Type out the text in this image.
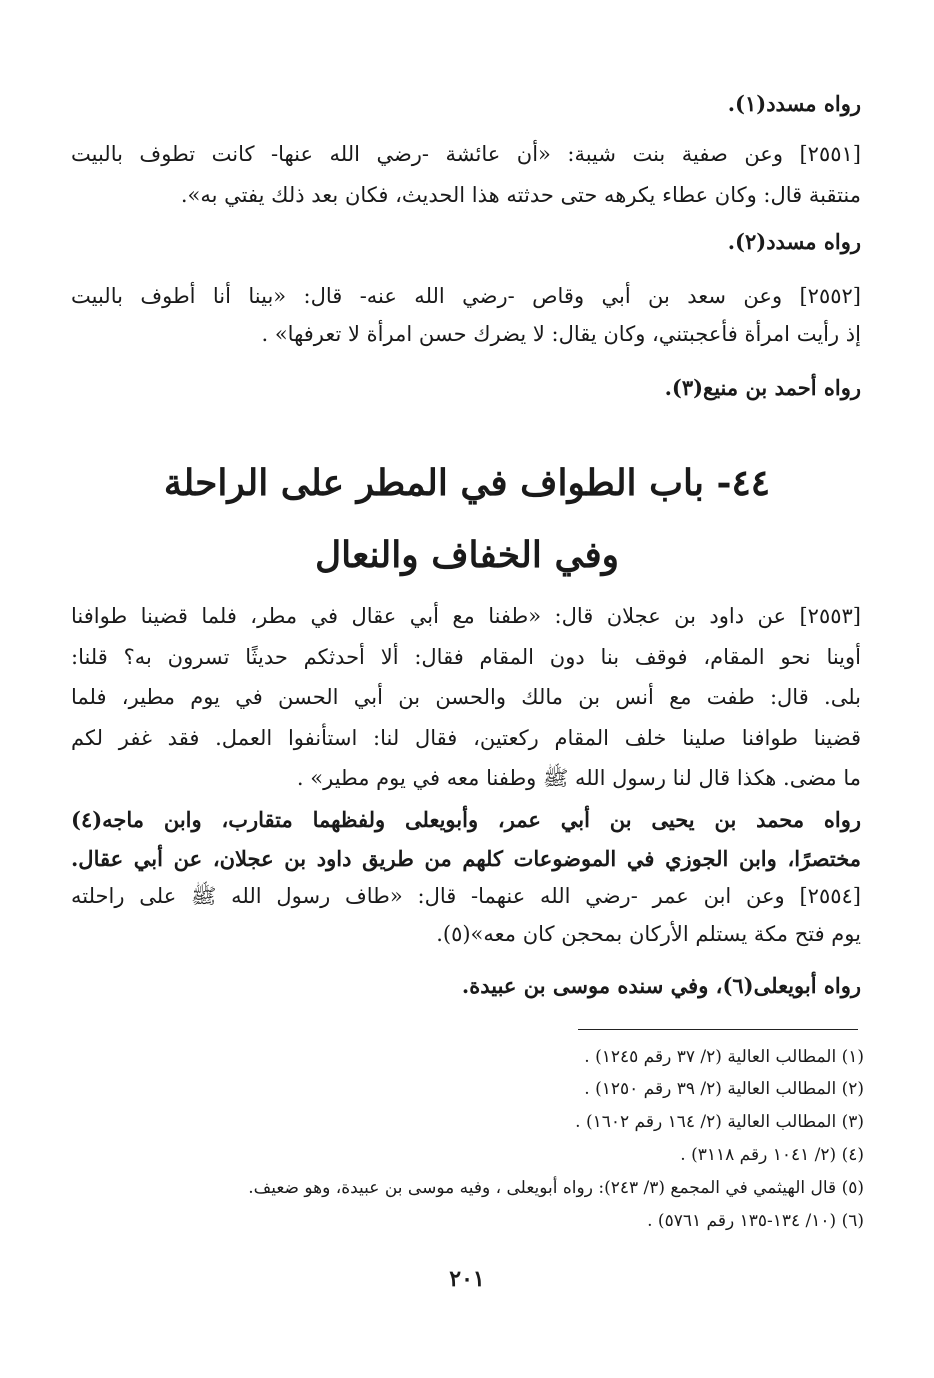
رواه مسدد(١).
[٢٥٥١] وعن صفية بنت شيبة: «أن عائشة -رضي الله عنها- كانت تطوف بالبيت
منتقبة قال: وكان عطاء يكرهه حتى حدثته هذا الحديث، فكان بعد ذلك يفتي به».
رواه مسدد(٢).
[٢٥٥٢] وعن سعد بن أبي وقاص -رضي الله عنه- قال: «بينا أنا أطوف بالبيت
إذ رأيت امرأة فأعجبتني، وكان يقال: لا يضرك حسن امرأة لا تعرفها» .
رواه أحمد بن منيع(٣).
٤٤- باب الطواف في المطر على الراحلة
وفي الخفاف والنعال
[٢٥٥٣] عن داود بن عجلان قال: «طفنا مع أبي عقال في مطر، فلما قضينا طوافنا
أوينا نحو المقام، فوقف بنا دون المقام فقال: ألا أحدثكم حديثًا تسرون به؟ قلنا:
بلى. قال: طفت مع أنس بن مالك والحسن بن أبي الحسن في يوم مطير، فلما
قضينا طوافنا صلينا خلف المقام ركعتين، فقال لنا: استأنفوا العمل. فقد غفر لكم
ما مضى. هكذا قال لنا رسول الله ﷺ وطفنا معه في يوم مطير» .
رواه محمد بن يحيى بن أبي عمر، وأبويعلى ولفظهما متقارب، وابن ماجه(٤)
مختصرًا، وابن الجوزي في الموضوعات كلهم من طريق داود بن عجلان، عن أبي عقال.
[٢٥٥٤] وعن ابن عمر -رضي الله عنهما- قال: «طاف رسول الله ﷺ على راحلته
يوم فتح مكة يستلم الأركان بمحجن كان معه»(٥).
رواه أبويعلى(٦)، وفي سنده موسى بن عبيدة.
(١) المطالب العالية (٢/ ٣٧ رقم ١٢٤٥) .
(٢) المطالب العالية (٢/ ٣٩ رقم ١٢٥٠) .
(٣) المطالب العالية (٢/ ١٦٤ رقم ١٦٠٢) .
(٤) (٢/ ١٠٤١ رقم ٣١١٨) .
(٥) قال الهيثمي في المجمع (٣/ ٢٤٣): رواه أبويعلى ، وفيه موسى بن عبيدة، وهو ضعيف.
(٦) (١٠/ ١٣٤-١٣٥ رقم ٥٧٦١) .
٢٠١
